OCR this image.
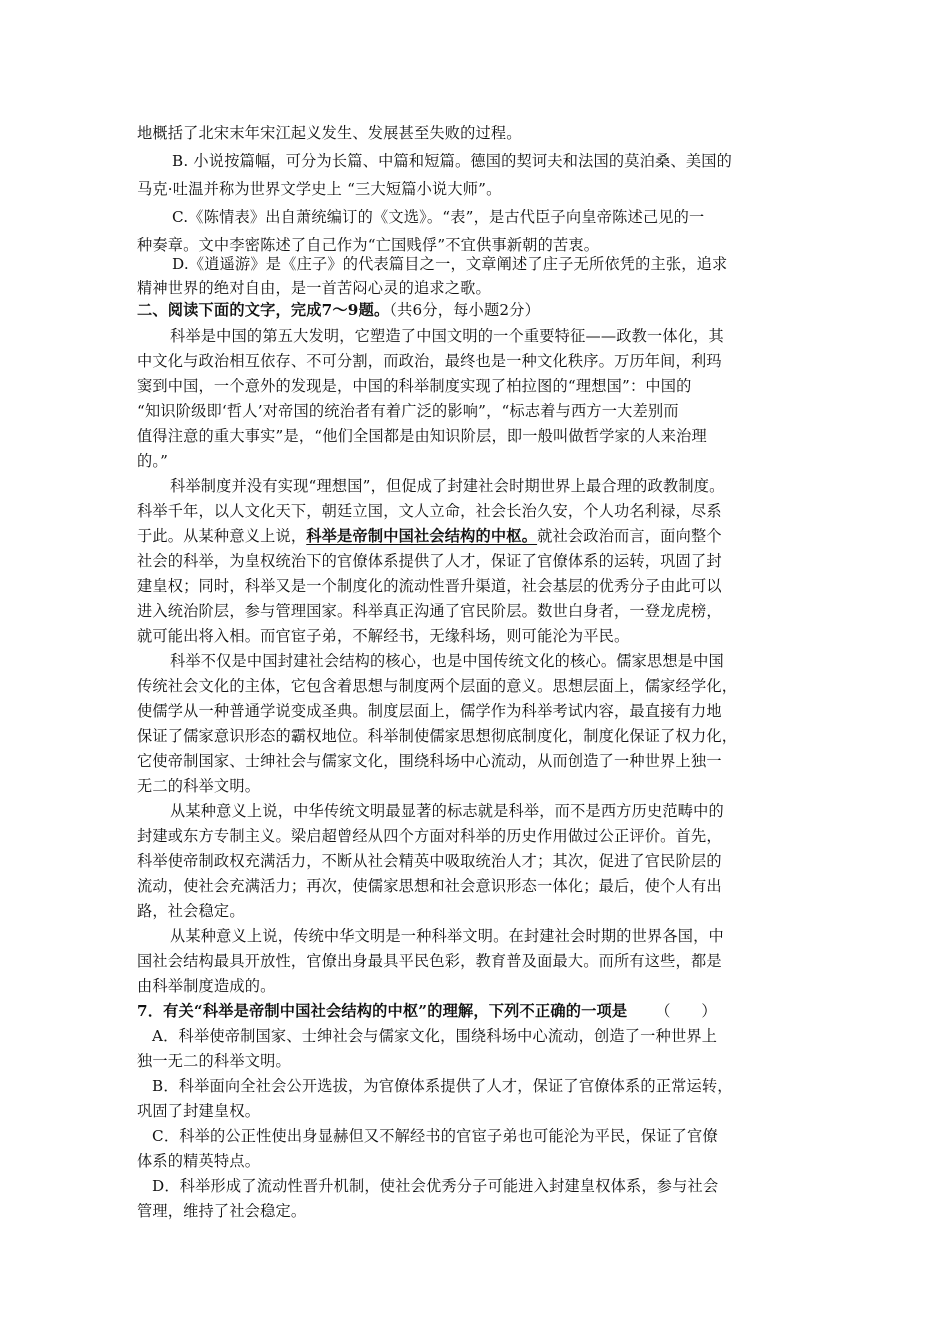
地概括了北宋末年宋江起义发生、发展甚至失败的过程。
B. 小说按篇幅，可分为长篇、中篇和短篇。德国的契诃夫和法国的莫泊桑、美国的
马克·吐温并称为世界文学史上 “三大短篇小说大师”。
C.《陈情表》出自萧统编订的《文选》。“表”，是古代臣子向皇帝陈述己见的一
种奏章。文中李密陈述了自己作为“亡国贱俘”不宜供事新朝的苦衷。
D.《逍遥游》是《庄子》的代表篇目之一，文章阐述了庄子无所依凭的主张，追求
精神世界的绝对自由，是一首苦闷心灵的追求之歌。
二、阅读下面的文字，完成7～9题。（共6分，每小题2分）
科举是中国的第五大发明，它塑造了中国文明的一个重要特征——政教一体化，其
中文化与政治相互依存、不可分割，而政治，最终也是一种文化秩序。万历年间，利玛
窦到中国，一个意外的发现是，中国的科举制度实现了柏拉图的“理想国”：中国的
“知识阶级即‘哲人’对帝国的统治者有着广泛的影响”，“标志着与西方一大差别而
值得注意的重大事实”是，“他们全国都是由知识阶层，即一般叫做哲学家的人来治理
的。”
科举制度并没有实现“理想国”，但促成了封建社会时期世界上最合理的政教制度。
科举千年，以人文化天下，朝廷立国，文人立命，社会长治久安，个人功名利禄，尽系
于此。从某种意义上说，科举是帝制中国社会结构的中枢。就社会政治而言，面向整个
社会的科举，为皇权统治下的官僚体系提供了人才，保证了官僚体系的运转，巩固了封
建皇权；同时，科举又是一个制度化的流动性晋升渠道，社会基层的优秀分子由此可以
进入统治阶层，参与管理国家。科举真正沟通了官民阶层。数世白身者，一登龙虎榜，
就可能出将入相。而官宦子弟，不解经书，无缘科场，则可能沦为平民。
科举不仅是中国封建社会结构的核心，也是中国传统文化的核心。儒家思想是中国
传统社会文化的主体，它包含着思想与制度两个层面的意义。思想层面上，儒家经学化，
使儒学从一种普通学说变成圣典。制度层面上，儒学作为科举考试内容，最直接有力地
保证了儒家意识形态的霸权地位。科举制使儒家思想彻底制度化，制度化保证了权力化，
它使帝制国家、士绅社会与儒家文化，围绕科场中心流动，从而创造了一种世界上独一
无二的科举文明。
从某种意义上说，中华传统文明最显著的标志就是科举，而不是西方历史范畴中的
封建或东方专制主义。梁启超曾经从四个方面对科举的历史作用做过公正评价。首先，
科举使帝制政权充满活力，不断从社会精英中吸取统治人才；其次，促进了官民阶层的
流动，使社会充满活力；再次，使儒家思想和社会意识形态一体化；最后，使个人有出
路，社会稳定。
从某种意义上说，传统中华文明是一种科举文明。在封建社会时期的世界各国，中
国社会结构最具开放性，官僚出身最具平民色彩，教育普及面最大。而所有这些，都是
由科举制度造成的。
7．有关“科举是帝制中国社会结构的中枢”的理解，下列不正确的一项是 （　　）
A．科举使帝制国家、士绅社会与儒家文化，围绕科场中心流动，创造了一种世界上
独一无二的科举文明。
B．科举面向全社会公开选拔，为官僚体系提供了人才，保证了官僚体系的正常运转，
巩固了封建皇权。
C．科举的公正性使出身显赫但又不解经书的官宦子弟也可能沦为平民，保证了官僚
体系的精英特点。
D．科举形成了流动性晋升机制，使社会优秀分子可能进入封建皇权体系，参与社会
管理，维持了社会稳定。
